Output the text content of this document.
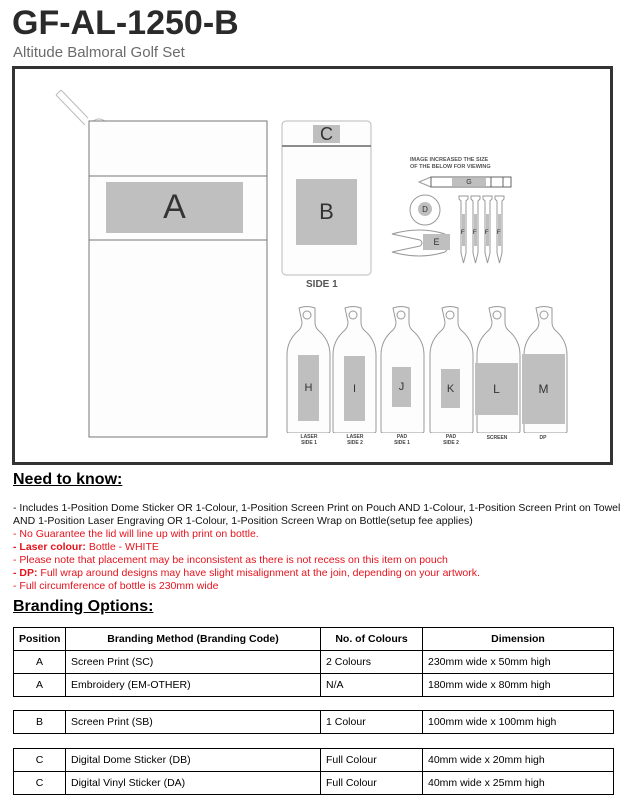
GF-AL-1250-B
Altitude Balmoral Golf Set
A
C
B
SIDE 1
IMAGE INCREASED THE SIZE
OF THE BELOW FOR VIEWING
G
D
E
F F F F
H	I	J	K	L	M
LASER
SIDE 1
LASER
SIDE 2
PAD
SIDE 1
PAD
SIDE 2
SCREEN	DP
Need to know:
- Includes 1-Position Dome Sticker OR 1-Colour, 1-Position Screen Print on Pouch AND 1-Colour, 1-Position Screen Print on Towel AND 1-Position Laser Engraving OR 1-Colour, 1-Position Screen Wrap on Bottle(setup fee applies)
- No Guarantee the lid will line up with print on bottle.
- Laser colour: Bottle - WHITE
- Please note that placement may be inconsistent as there is not recess on this item on pouch
- DP: Full wrap around designs may have slight misalignment at the join, depending on your artwork.
- Full circumference of bottle is 230mm wide
Branding Options:
Position	Branding Method (Branding Code)	No. of Colours	Dimension
A	Screen Print (SC)	2 Colours	230mm wide x 50mm high
A	Embroidery (EM-OTHER)	N/A	180mm wide x 80mm high
B	Screen Print (SB)	1 Colour	100mm wide x 100mm high
C	Digital Dome Sticker (DB)	Full Colour	40mm wide x 20mm high
C	Digital Vinyl Sticker (DA)	Full Colour	40mm wide x 25mm high
